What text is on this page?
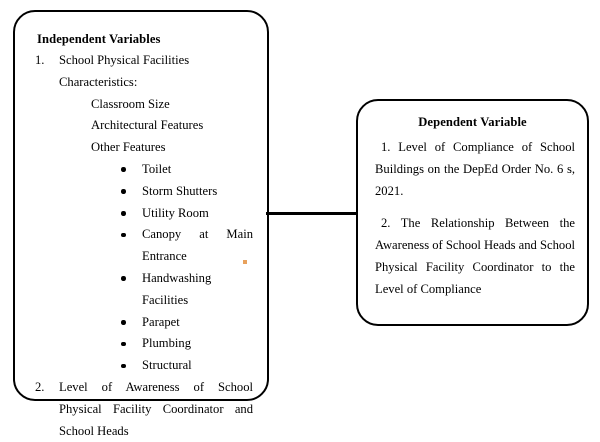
Independent Variables
1.	School Physical Facilities
Characteristics:
Classroom Size
Architectural Features
Other Features
Toilet
Storm Shutters
Utility Room
Canopy at Main Entrance
Handwashing Facilities
Parapet
Plumbing
Structural
2.	Level of Awareness of School Physical Facility Coordinator and School Heads
Dependent Variable
1. Level of Compliance of School Buildings on the DepEd Order No. 6 s, 2021.
2. The Relationship Between the Awareness of School Heads and School Physical Facility Coordinator to the Level of Compliance
